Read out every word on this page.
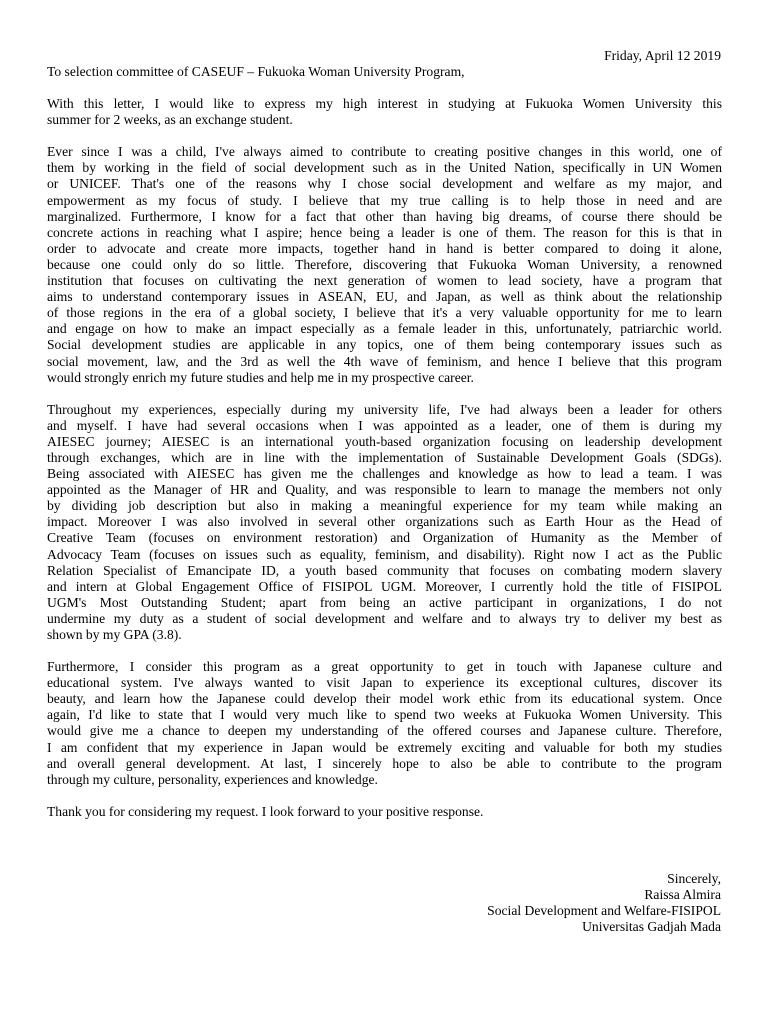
Friday, April 12 2019

To selection committee of CASEUF – Fukuoka Woman University Program,

With this letter, I would like to express my high interest in studying at Fukuoka Women University this
summer for 2 weeks, as an exchange student.
Ever since I was a child, I've always aimed to contribute to creating positive changes in this world, one of
them by working in the field of social development such as in the United Nation, specifically in UN Women
or UNICEF. That's one of the reasons why I chose social development and welfare as my major, and
empowerment as my focus of study. I believe that my true calling is to help those in need and are
marginalized. Furthermore, I know for a fact that other than having big dreams, of course there should be
concrete actions in reaching what I aspire; hence being a leader is one of them. The reason for this is that in
order to advocate and create more impacts, together hand in hand is better compared to doing it alone,
because one could only do so little. Therefore, discovering that Fukuoka Woman University, a renowned
institution that focuses on cultivating the next generation of women to lead society, have a program that
aims to understand contemporary issues in ASEAN, EU, and Japan, as well as think about the relationship
of those regions in the era of a global society, I believe that it's a very valuable opportunity for me to learn
and engage on how to make an impact especially as a female leader in this, unfortunately, patriarchic world.
Social development studies are applicable in any topics, one of them being contemporary issues such as
social movement, law, and the 3rd as well the 4th wave of feminism, and hence I believe that this program
would strongly enrich my future studies and help me in my prospective career.
Throughout my experiences, especially during my university life, I've had always been a leader for others
and myself. I have had several occasions when I was appointed as a leader, one of them is during my
AIESEC journey; AIESEC is an international youth-based organization focusing on leadership development
through exchanges, which are in line with the implementation of Sustainable Development Goals (SDGs).
Being associated with AIESEC has given me the challenges and knowledge as how to lead a team. I was
appointed as the Manager of HR and Quality, and was responsible to learn to manage the members not only
by dividing job description but also in making a meaningful experience for my team while making an
impact. Moreover I was also involved in several other organizations such as Earth Hour as the Head of
Creative Team (focuses on environment restoration) and Organization of Humanity as the Member of
Advocacy Team (focuses on issues such as equality, feminism, and disability). Right now I act as the Public
Relation Specialist of Emancipate ID, a youth based community that focuses on combating modern slavery
and intern at Global Engagement Office of FISIPOL UGM. Moreover, I currently hold the title of FISIPOL
UGM's Most Outstanding Student; apart from being an active participant in organizations, I do not
undermine my duty as a student of social development and welfare and to always try to deliver my best as
shown by my GPA (3.8).
Furthermore, I consider this program as a great opportunity to get in touch with Japanese culture and
educational system. I've always wanted to visit Japan to experience its exceptional cultures, discover its
beauty, and learn how the Japanese could develop their model work ethic from its educational system. Once
again, I'd like to state that I would very much like to spend two weeks at Fukuoka Women University. This
would give me a chance to deepen my understanding of the offered courses and Japanese culture. Therefore,
I am confident that my experience in Japan would be extremely exciting and valuable for both my studies
and overall general development. At last, I sincerely hope to also be able to contribute to the program
through my culture, personality, experiences and knowledge.
Thank you for considering my request. I look forward to your positive response.
Sincerely,
Raissa Almira
Social Development and Welfare-FISIPOL
Universitas Gadjah Mada
